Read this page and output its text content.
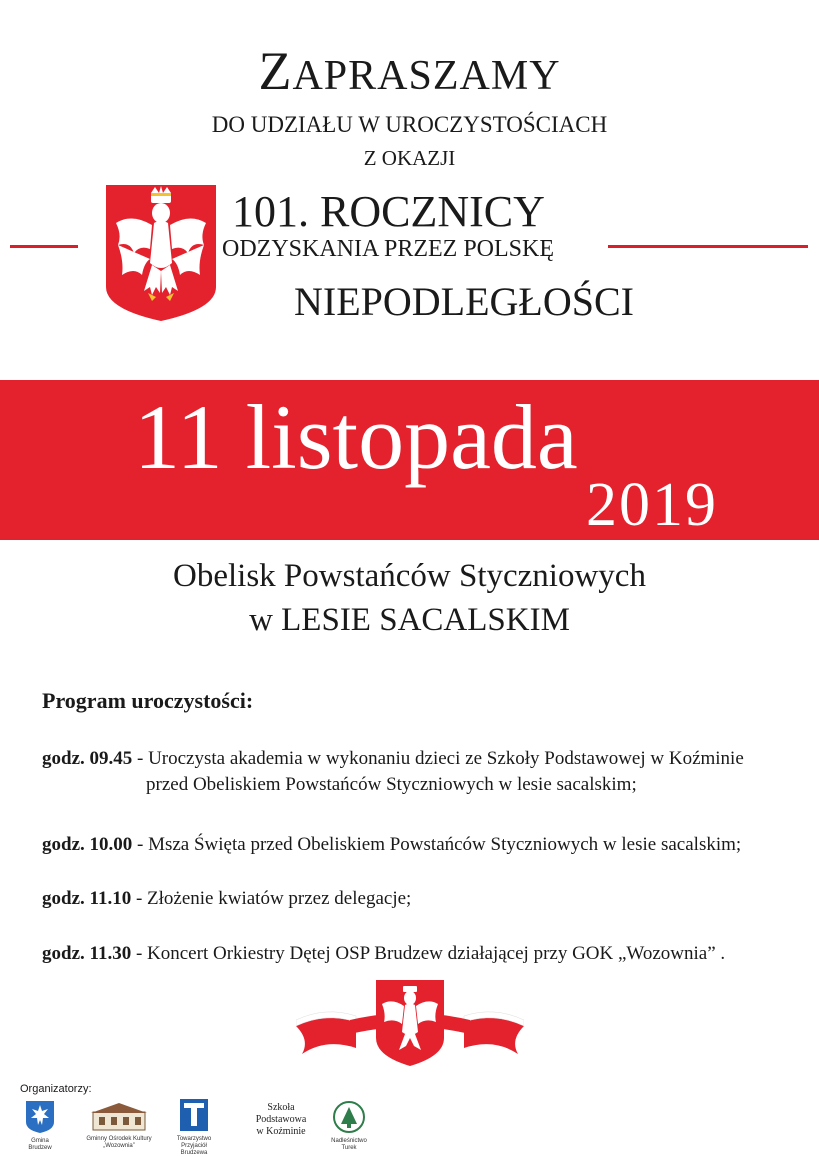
ZAPRASZAMY
DO UDZIAŁU W UROCZYSTOŚCIACH
Z OKAZJI
101. ROCZNICY
ODZYSKANIA PRZEZ POLSKĘ
NIEPODLEGŁOŚCI
11 listopada
2019
Obelisk Powstańców Styczniowych
w LESIE SACALSKIM
Program uroczystości:
godz. 09.45 - Uroczysta akademia w wykonaniu dzieci ze Szkoły Podstawowej w Koźminie
przed Obeliskiem Powstańców Styczniowych w lesie sacalskim;
godz. 10.00 - Msza Święta przed Obeliskiem Powstańców Styczniowych w lesie sacalskim;
godz. 11.10 - Złożenie kwiatów przez delegacje;
godz. 11.30 - Koncert Orkiestry Dętej OSP Brudzew działającej przy GOK „Wozownia” .
Organizatorzy:
Gmina Brudzew
Gminny Ośrodek Kultury „Wozownia”
Towarzystwo Przyjaciół Brudzewa
Szkoła
Podstawowa
w Koźminie
Nadleśnictwo Turek
